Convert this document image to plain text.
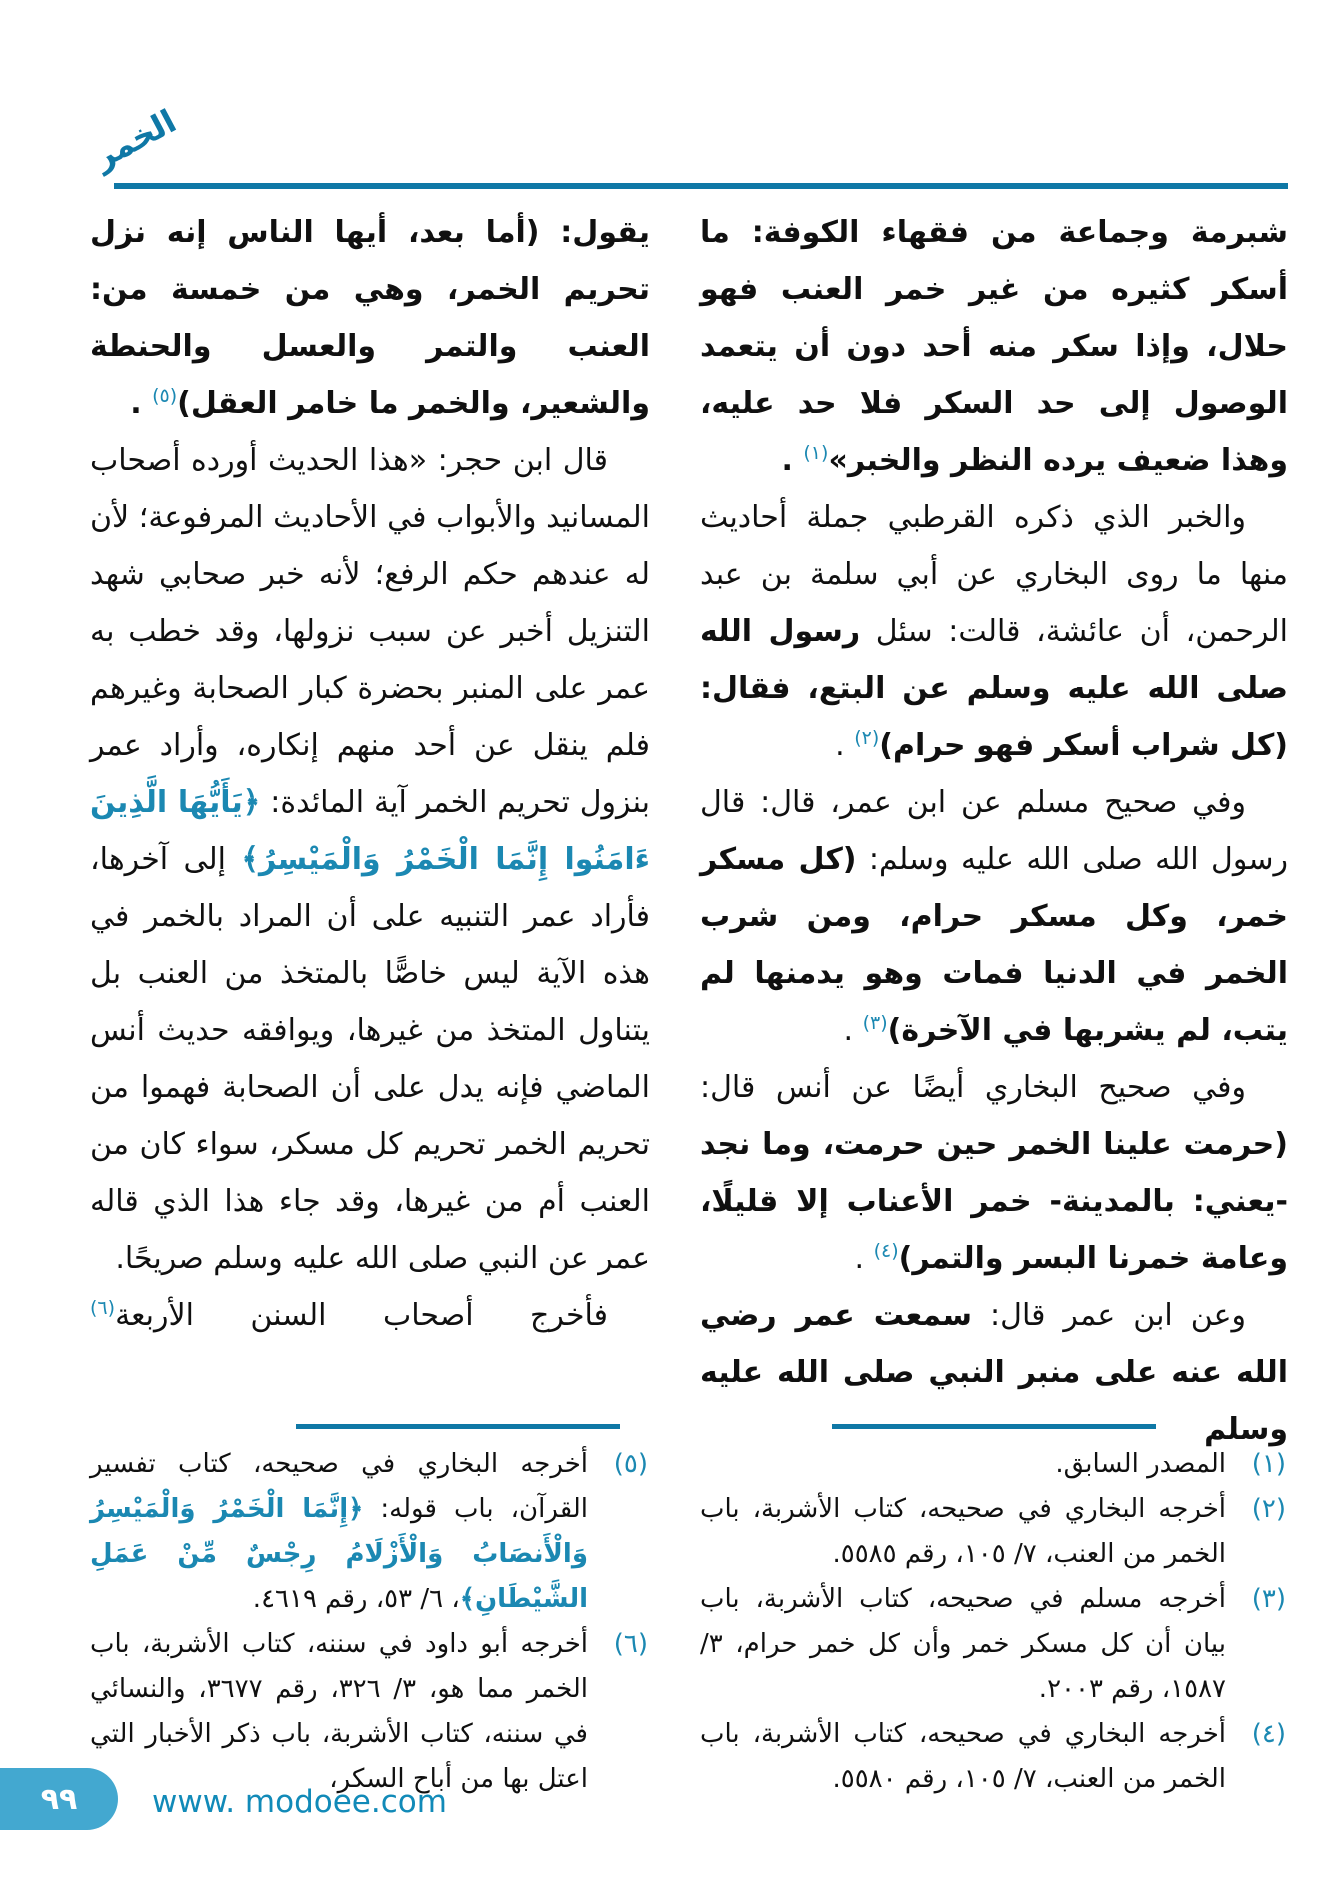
الخمر

شبرمة وجماعة من فقهاء الكوفة: ما أسكر كثيره من غير خمر العنب فهو حلال، وإذا سكر منه أحد دون أن يتعمد الوصول إلى حد السكر فلا حد عليه، وهذا ضعيف يرده النظر والخبر»$^{(١)}$ .

والخبر الذي ذكره القرطبي جملة أحاديث منها ما روى البخاري عن أبي سلمة بن عبد الرحمن، أن عائشة، قالت: سئل رسول الله صلى الله عليه وسلم عن البتع، فقال: (كل شراب أسكر فهو حرام)$^{(٢)}$ .

وفي صحيح مسلم عن ابن عمر، قال: قال رسول الله صلى الله عليه وسلم: (كل مسكر خمر، وكل مسكر حرام، ومن شرب الخمر في الدنيا فمات وهو يدمنها لم يتب، لم يشربها في الآخرة)$^{(٣)}$ .

وفي صحيح البخاري أيضًا عن أنس قال: (حرمت علينا الخمر حين حرمت، وما نجد -يعني: بالمدينة- خمر الأعناب إلا قليلًا، وعامة خمرنا البسر والتمر)$^{(٤)}$ .

وعن ابن عمر قال: سمعت عمر رضي الله عنه على منبر النبي صلى الله عليه وسلم

يقول: (أما بعد، أيها الناس إنه نزل تحريم الخمر، وهي من خمسة من: العنب والتمر والعسل والحنطة والشعير، والخمر ما خامر العقل)$^{(٥)}$ .

قال ابن حجر: «هذا الحديث أورده أصحاب المسانيد والأبواب في الأحاديث المرفوعة؛ لأن له عندهم حكم الرفع؛ لأنه خبر صحابي شهد التنزيل أخبر عن سبب نزولها، وقد خطب به عمر على المنبر بحضرة كبار الصحابة وغيرهم فلم ينقل عن أحد منهم إنكاره، وأراد عمر بنزول تحريم الخمر آية المائدة: ﴿يَأَيُّهَا الَّذِينَ ءَامَنُوا إِنَّمَا الْخَمْرُ وَالْمَيْسِرُ﴾ إلى آخرها، فأراد عمر التنبيه على أن المراد بالخمر في هذه الآية ليس خاصًّا بالمتخذ من العنب بل يتناول المتخذ من غيرها، ويوافقه حديث أنس الماضي فإنه يدل على أن الصحابة فهموا من تحريم الخمر تحريم كل مسكر، سواء كان من العنب أم من غيرها، وقد جاء هذا الذي قاله عمر عن النبي صلى الله عليه وسلم صريحًا.

فأخرج أصحاب السنن الأربعة$^{(٦)}$

(١)
المصدر السابق.
(٢)
أخرجه البخاري في صحيحه، كتاب الأشربة، باب الخمر من العنب، ٧/ ١٠٥، رقم ٥٥٨٥.
(٣)
أخرجه مسلم في صحيحه، كتاب الأشربة، باب بيان أن كل مسكر خمر وأن كل خمر حرام، ٣/ ١٥٨٧، رقم ٢٠٠٣.
(٤)
أخرجه البخاري في صحيحه، كتاب الأشربة، باب الخمر من العنب، ٧/ ١٠٥، رقم ٥٥٨٠.
(٥)
أخرجه البخاري في صحيحه، كتاب تفسير القرآن، باب قوله: ﴿إِنَّمَا الْخَمْرُ وَالْمَيْسِرُ وَالْأَنصَابُ وَالْأَزْلَامُ رِجْسٌ مِّنْ عَمَلِ الشَّيْطَانِ﴾، ٦/ ٥٣، رقم ٤٦١٩.
(٦)
أخرجه أبو داود في سننه، كتاب الأشربة، باب الخمر مما هو، ٣/ ٣٢٦، رقم ٣٦٧٧، والنسائي في سننه، كتاب الأشربة، باب ذكر الأخبار التي اعتل بها من أباح السكر،
٩٩ www. modoee.com
